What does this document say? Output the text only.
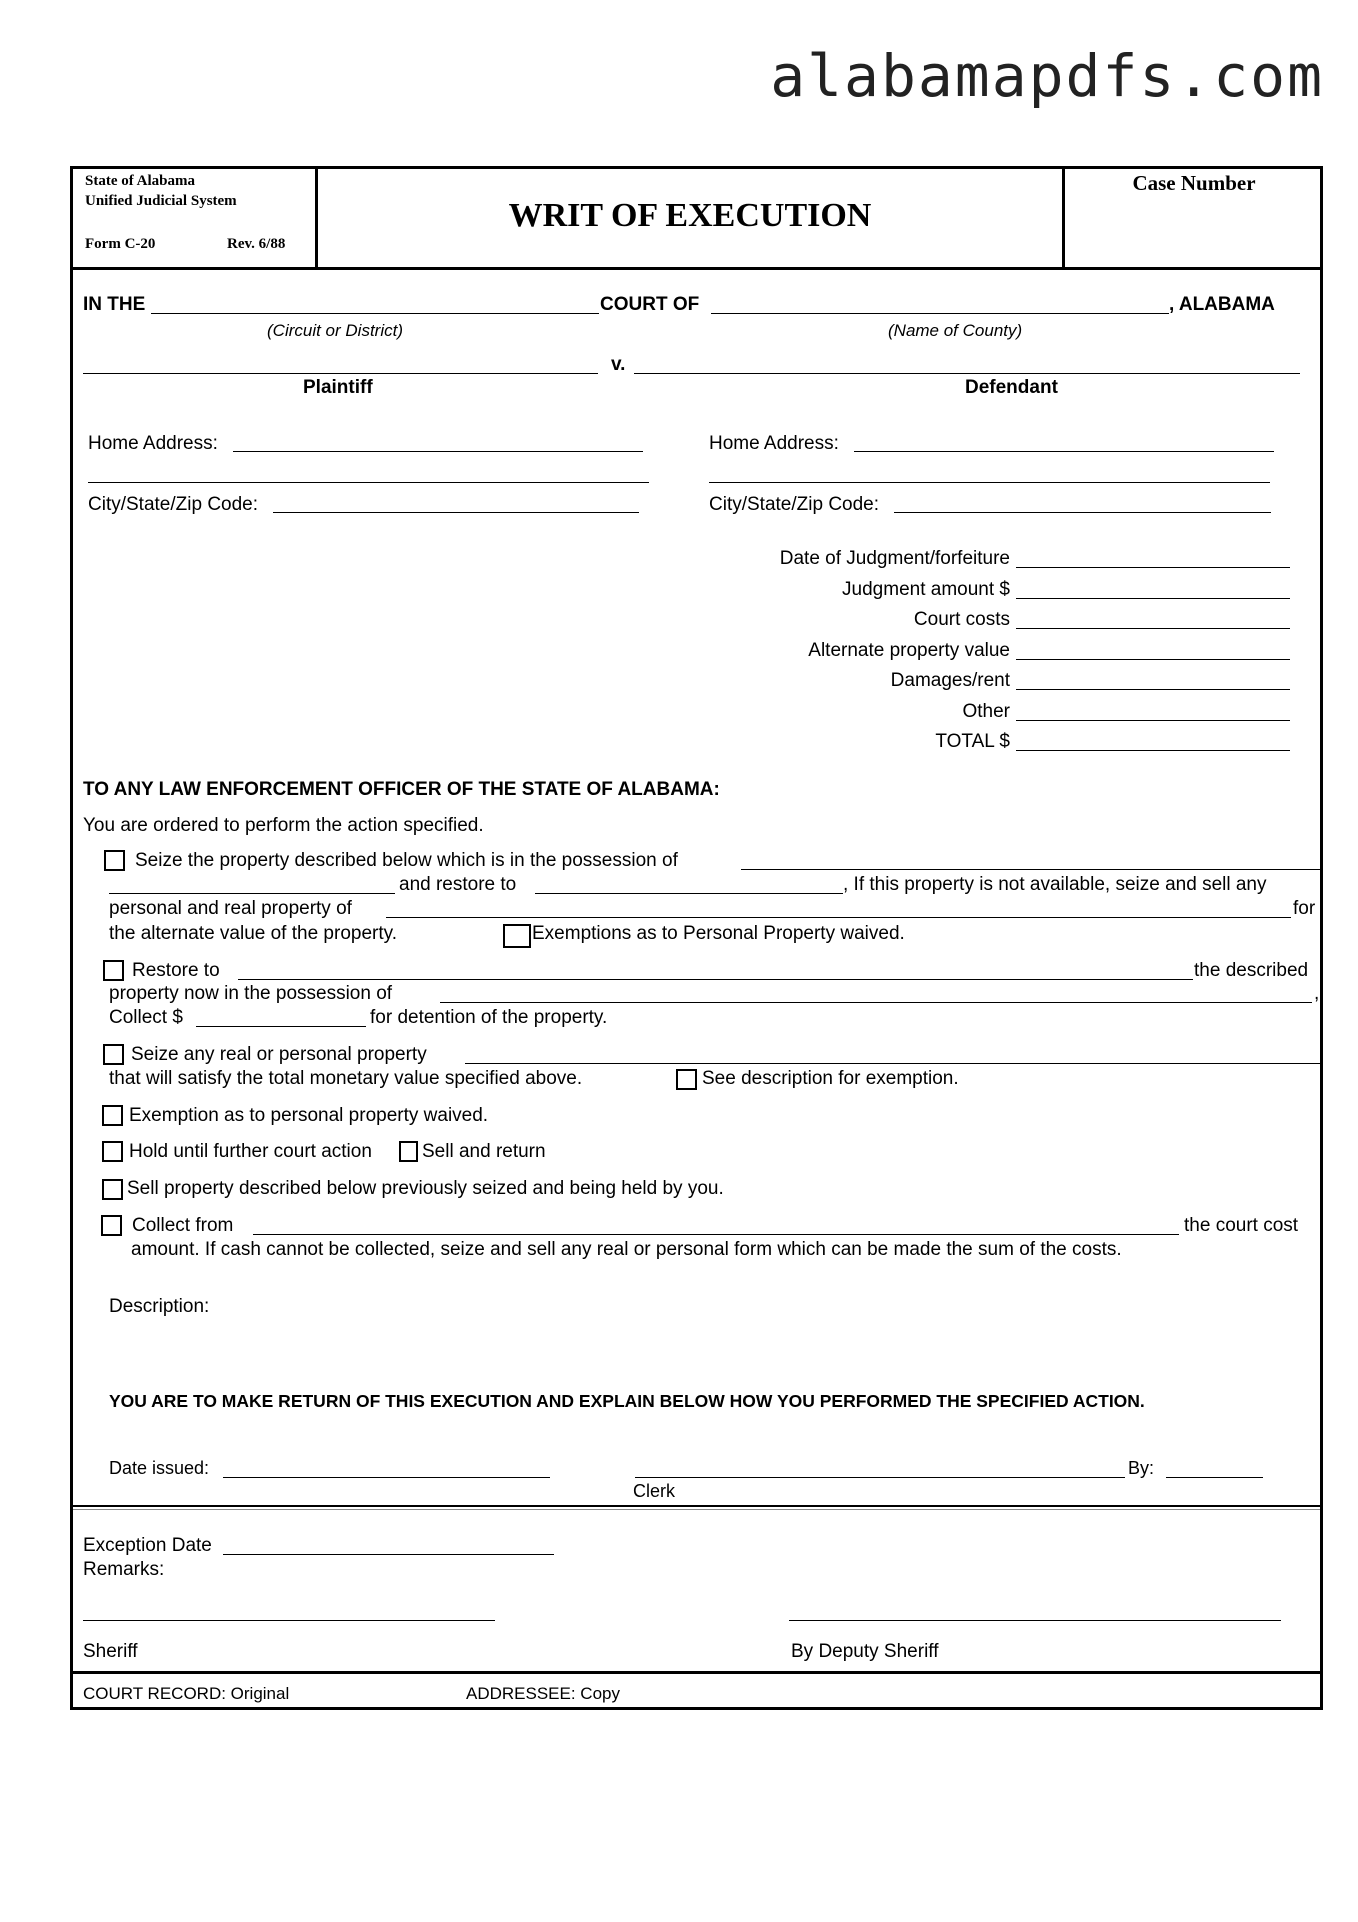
alabamapdfs.com
State of Alabama
Unified Judicial System
Form C-20	Rev. 6/88
WRIT OF EXECUTION
Case Number
IN THE	COURT OF	, ALABAMA
(Circuit or District)	(Name of County)
v.
Plaintiff	Defendant
Home Address:
City/State/Zip Code:
Home Address:
City/State/Zip Code:
Date of Judgment/forfeiture
Judgment amount $
Court costs
Alternate property value
Damages/rent
Other
TOTAL $
TO ANY LAW ENFORCEMENT OFFICER OF THE STATE OF ALABAMA:
You are ordered to perform the action specified.
Seize the property described below which is in the possession of
and restore to	, If this property is not available, seize and sell any
personal and real property of	for
the alternate value of the property.	Exemptions as to Personal Property waived.
Restore to	the described
property now in the possession of	,
Collect $	for detention of the property.
Seize any real or personal property
that will satisfy the total monetary value specified above.	See description for exemption.
Exemption as to personal property waived.
Hold until further court action	Sell and return
Sell property described below previously seized and being held by you.
Collect from	the court cost
amount. If cash cannot be collected, seize and sell any real or personal form which can be made the sum of the costs.
Description:
YOU ARE TO MAKE RETURN OF THIS EXECUTION AND EXPLAIN BELOW HOW YOU PERFORMED THE SPECIFIED ACTION.
Date issued:	By:
Clerk
Exception Date
Remarks:
Sheriff	By Deputy Sheriff
COURT RECORD: Original	ADDRESSEE: Copy
